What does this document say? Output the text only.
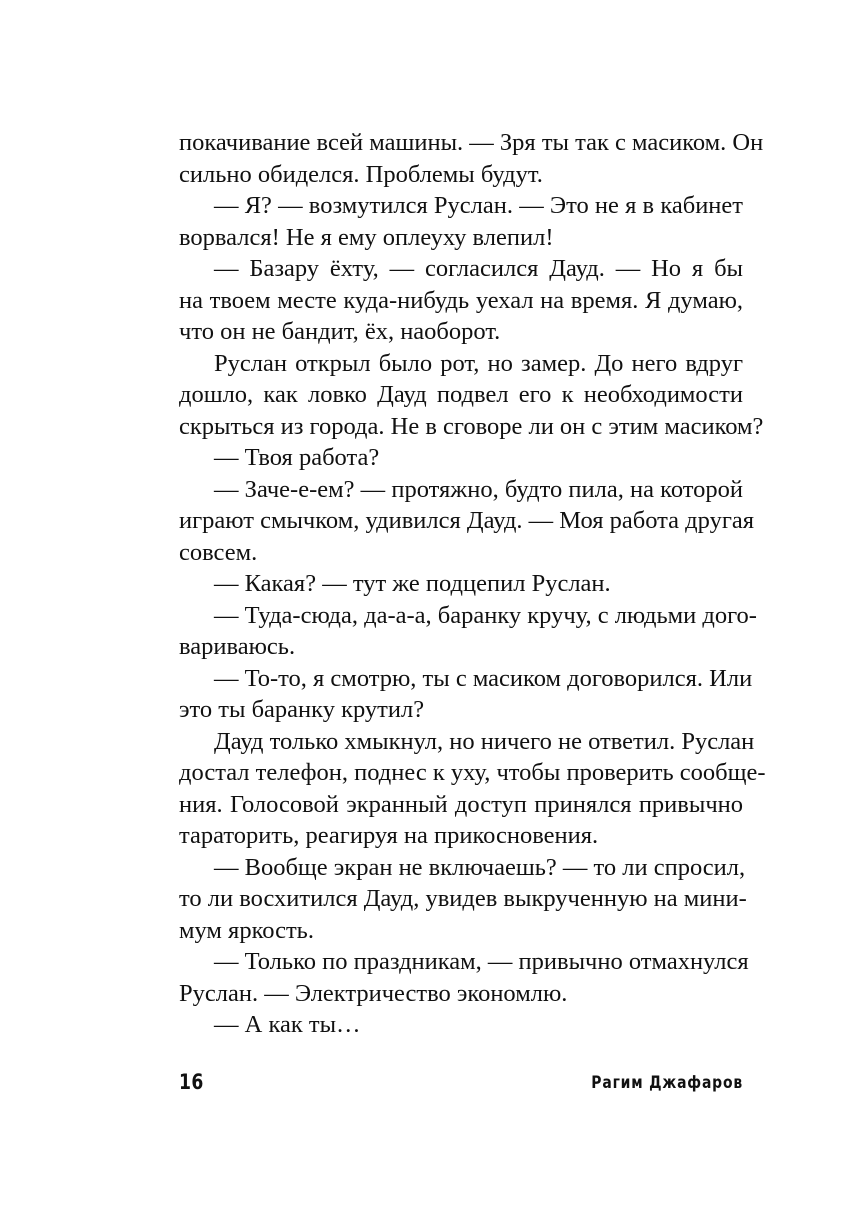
покачивание всей машины. — Зря ты так с масиком. Он
сильно обиделся. Проблемы будут.
— Я? — возмутился Руслан. — Это не я в кабинет
ворвался! Не я ему оплеуху влепил!
— Базару ёхту, — согласился Дауд. — Но я бы
на твоем месте куда-нибудь уехал на время. Я думаю,
что он не бандит, ёх, наоборот.
Руслан открыл было рот, но замер. До него вдруг
дошло, как ловко Дауд подвел его к необходимости
скрыться из города. Не в сговоре ли он с этим масиком?
— Твоя работа?
— Заче-е-ем? — протяжно, будто пила, на которой
играют смычком, удивился Дауд. — Моя работа другая
совсем.
— Какая? — тут же подцепил Руслан.
— Туда-сюда, да-а-а, баранку кручу, с людьми дого-
вариваюсь.
— То-то, я смотрю, ты с масиком договорился. Или
это ты баранку крутил?
Дауд только хмыкнул, но ничего не ответил. Руслан
достал телефон, поднес к уху, чтобы проверить сообще-
ния. Голосовой экранный доступ принялся привычно
тараторить, реагируя на прикосновения.
— Вообще экран не включаешь? — то ли спросил,
то ли восхитился Дауд, увидев выкрученную на мини-
мум яркость.
— Только по праздникам, — привычно отмахнулся
Руслан. — Электричество экономлю.
— А как ты…
16	Рагим Джафаров
